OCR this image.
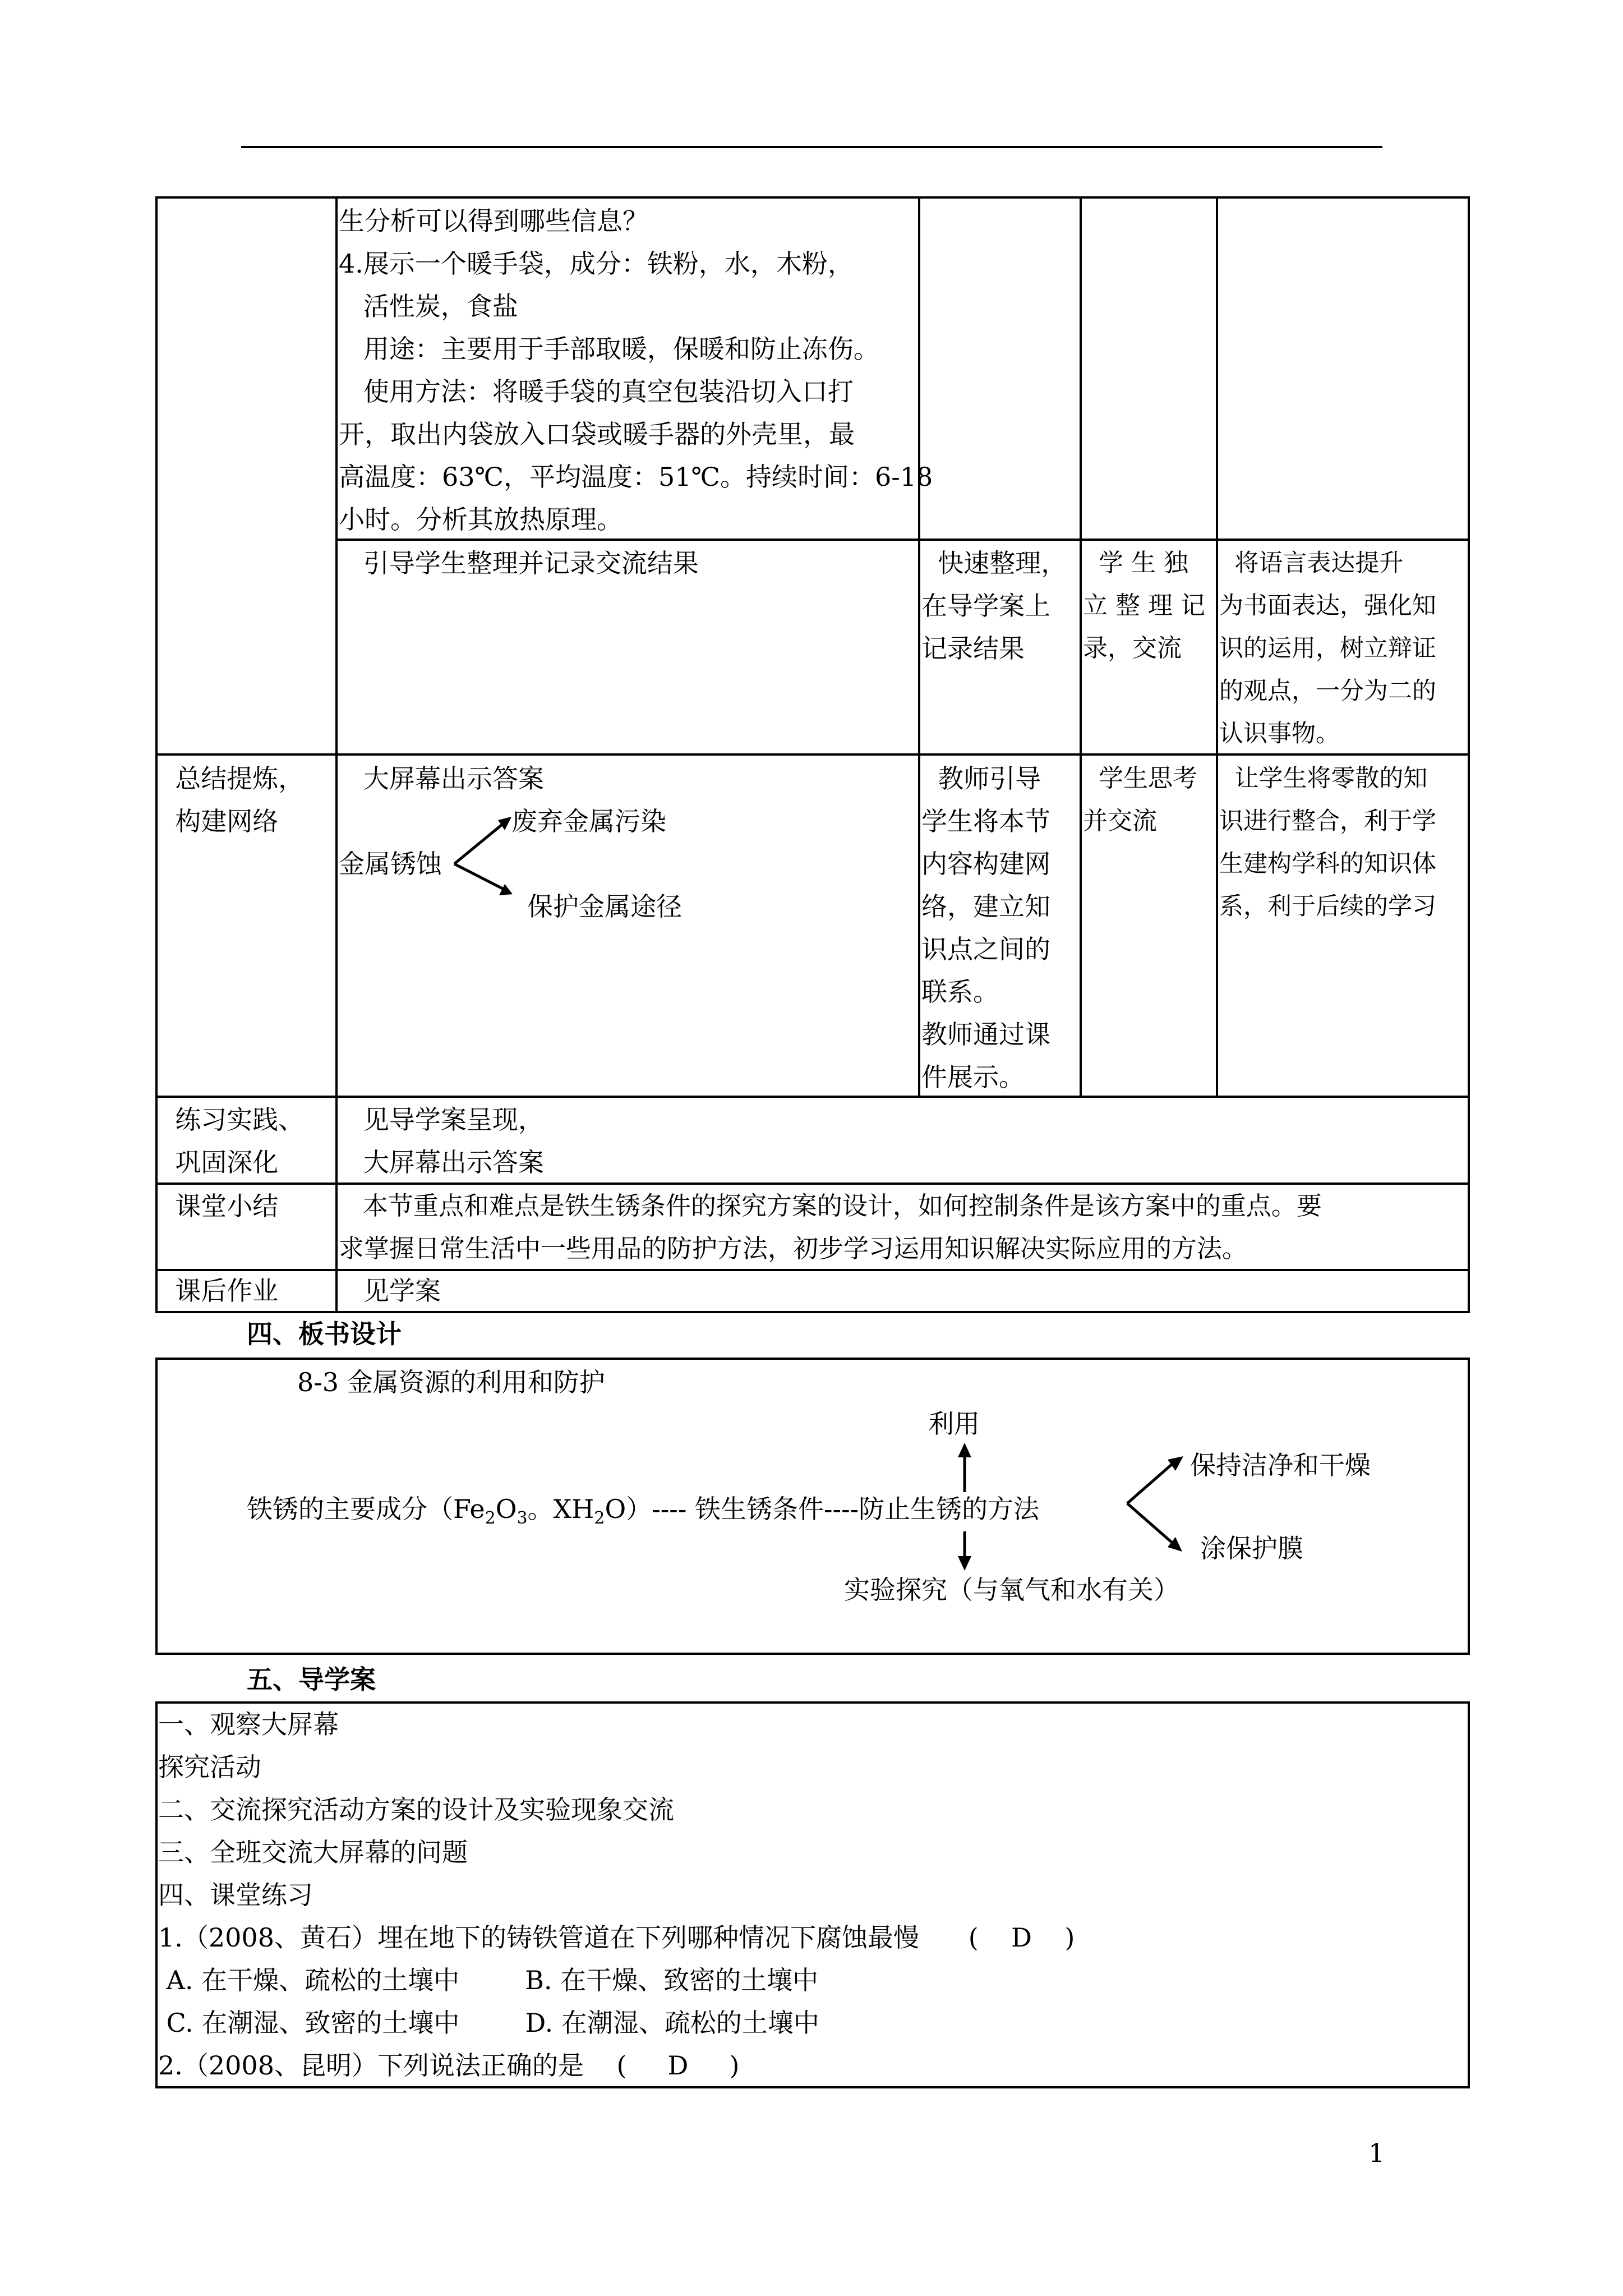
生分析可以得到哪些信息？
4.展示一个暖手袋，成分：铁粉，水，木粉，
活性炭，食盐
用途：主要用于手部取暖，保暖和防止冻伤。
使用方法：将暖手袋的真空包装沿切入口打
开，取出内袋放入口袋或暖手器的外壳里，最
高温度：63℃，平均温度：51℃。持续时间：6-18
小时。分析其放热原理。
引导学生整理并记录交流结果	快速整理，
在导学案上
记录结果
学 生 独
立 整 理 记
录，交流
将语言表达提升
为书面表达，强化知
识的运用，树立辩证
的观点，一分为二的
认识事物。
总结提炼，
构建网络
大屏幕出示答案
金属锈蚀
废弃金属污染
保护金属途径
教师引导
学生将本节
内容构建网
络，建立知
识点之间的
联系。
教师通过课
件展示。
学生思考
并交流
让学生将零散的知
识进行整合，利于学
生建构学科的知识体
系，利于后续的学习
练习实践、
巩固深化
见导学案呈现，
大屏幕出示答案
课堂小结 本节重点和难点是铁生锈条件的探究方案的设计，如何控制条件是该方案中的重点。要
求掌握日常生活中一些用品的防护方法，初步学习运用知识解决实际应用的方法。
课后作业 见学案
四、板书设计
8-3 金属资源的利用和防护
利用
保持洁净和干燥
铁锈的主要成分（$Fe_2O_3$。$XH_2O)----$ 铁生锈条件----防止生锈的方法
涂保护膜
实验探究（与氧气和水有关）
五、导学案
一、观察大屏幕
探究活动
二、交流探究活动方案的设计及实验现象交流
三、全班交流大屏幕的问题
四、课堂练习
1.（2008、黄石）埋在地下的铸铁管道在下列哪种情况下腐蚀最慢      (    D    )
A. 在干燥、疏松的土壤中        B. 在干燥、致密的土壤中
C. 在潮湿、致密的土壤中        D. 在潮湿、疏松的土壤中
2.（2008、昆明）下列说法正确的是    (     D     )
1
